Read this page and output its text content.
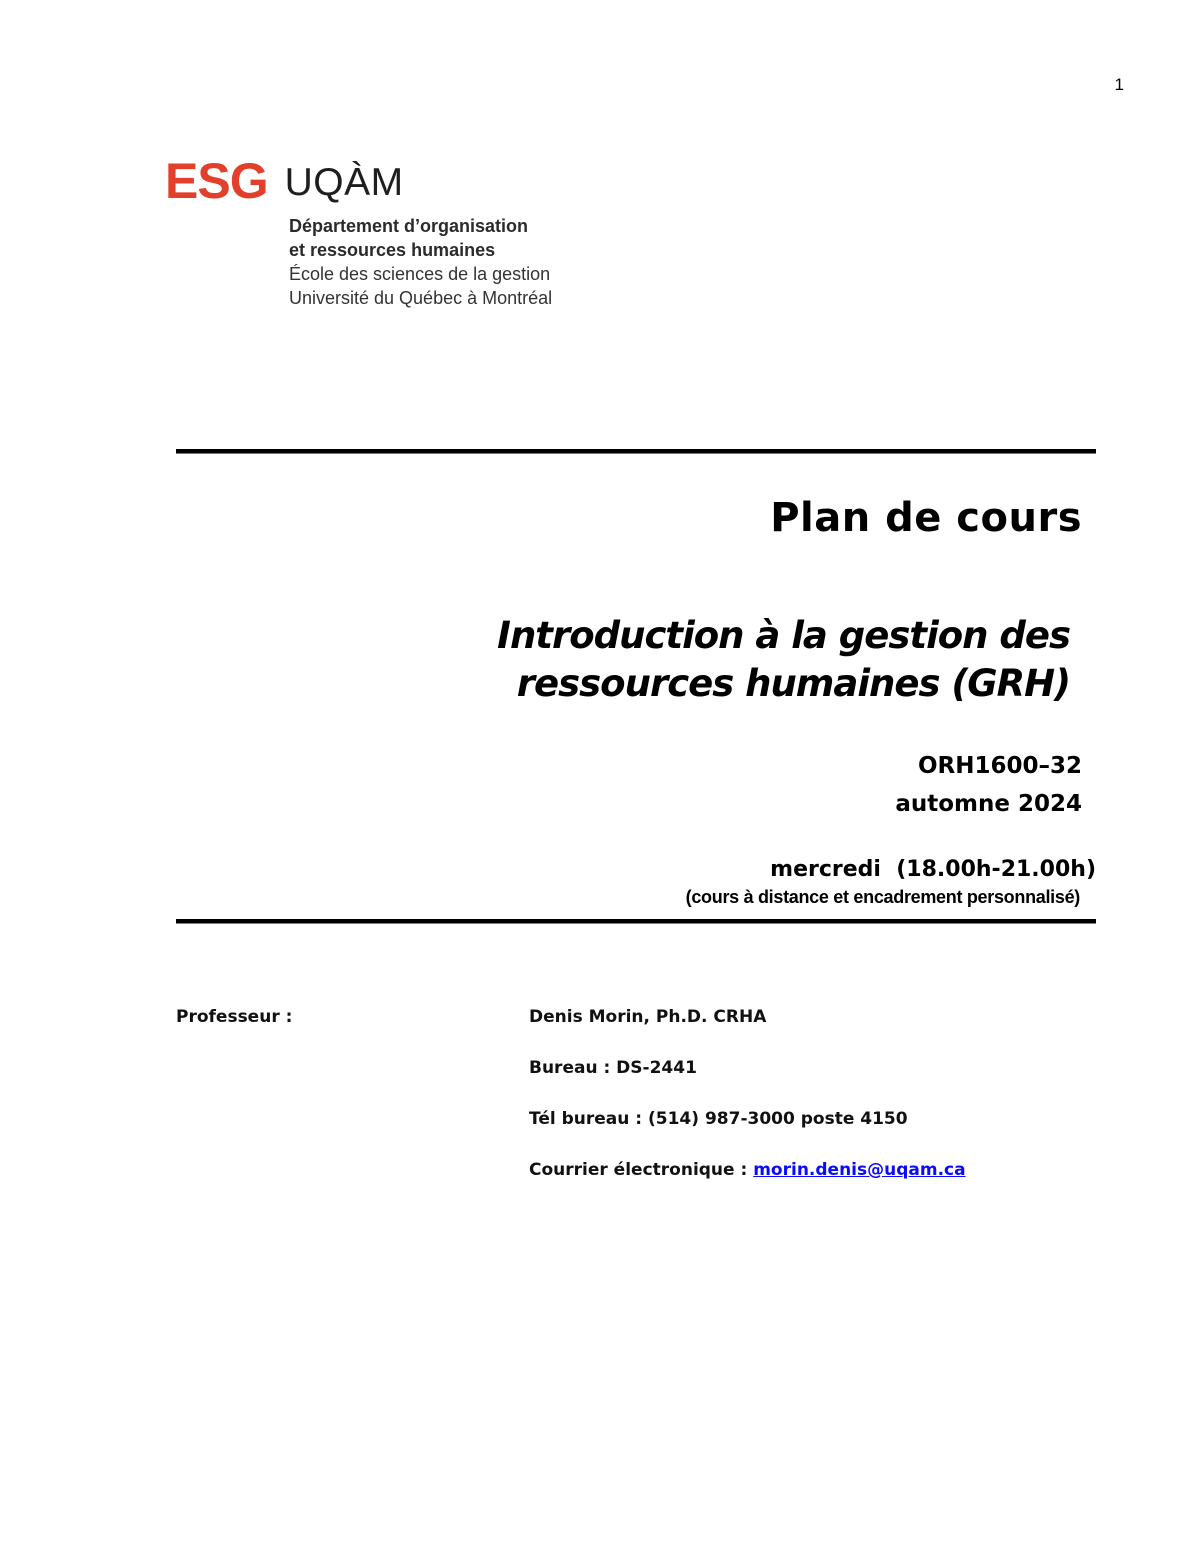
1
ESG UQÀM
Département d’organisation
et ressources humaines
École des sciences de la gestion
Université du Québec à Montréal
Plan de cours
Introduction à la gestion des
ressources humaines (GRH)
ORH1600–32
automne 2024
mercredi  (18.00h-21.00h)
(cours à distance et encadrement personnalisé)
Professeur :	Denis Morin, Ph.D. CRHA
Bureau : DS-2441
Tél bureau : (514) 987-3000 poste 4150
Courrier électronique : morin.denis@uqam.ca
